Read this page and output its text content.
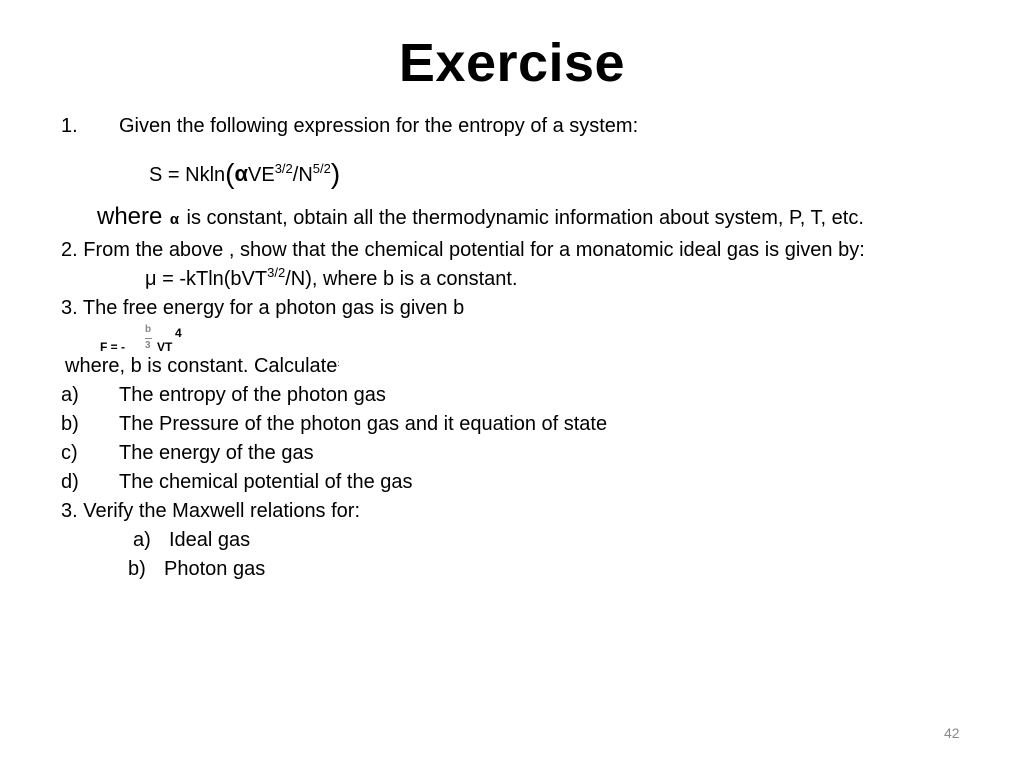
Exercise
1. Given the following expression for the entropy of a system:
$S = Nkln(\alpha VE^{3/2}/N^{5/2})$
where α is constant, obtain all the thermodynamic information about system, P, T, etc.
2. From the above , show that the chemical potential for a monatomic ideal gas is given by:
μ = -kTln(bVT$^{3/2}$/N), where b is a constant.
3. The free energy for a photon gas is given b
F = -
b
3 VT
4
where, b is constant. Calculate:
a) The entropy of the photon gas
b) The Pressure of the photon gas and it equation of state
c) The energy of the gas
d) The chemical potential of the gas
3. Verify the Maxwell relations for:
a) Ideal gas
b) Photon gas
42
